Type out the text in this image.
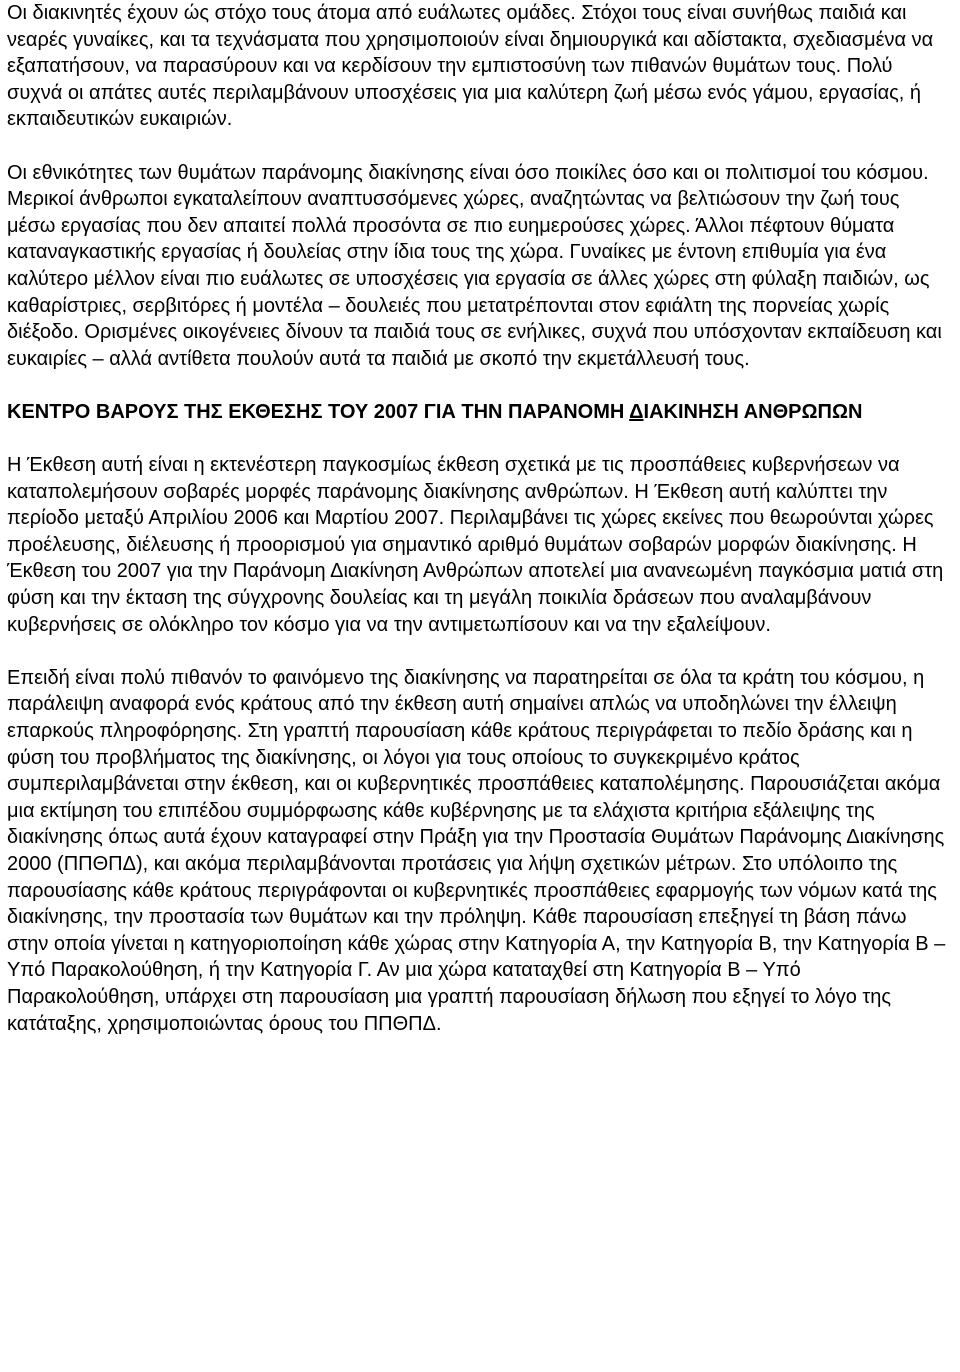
Οι διακινητές έχουν ώς στόχο τους άτομα από ευάλωτες ομάδες. Στόχοι τους είναι συνήθως παιδιά και νεαρές γυναίκες, και τα τεχνάσματα που χρησιμοποιούν είναι δημιουργικά και αδίστακτα, σχεδιασμένα να εξαπατήσουν, να παρασύρουν και να κερδίσουν την εμπιστοσύνη των πιθανών θυμάτων τους. Πολύ συχνά οι απάτες αυτές περιλαμβάνουν υποσχέσεις για μια καλύτερη ζωή μέσω ενός γάμου, εργασίας, ή εκπαιδευτικών ευκαιριών.

Οι εθνικότητες των θυμάτων παράνομης διακίνησης είναι όσο ποικίλες όσο και οι πολιτισμοί του κόσμου. Μερικοί άνθρωποι εγκαταλείπουν αναπτυσσόμενες χώρες, αναζητώντας να βελτιώσουν την ζωή τους μέσω εργασίας που δεν απαιτεί πολλά προσόντα σε πιο ευημερούσες χώρες. Άλλοι πέφτουν θύματα καταναγκαστικής εργασίας ή δουλείας στην ίδια τους της χώρα. Γυναίκες με έντονη επιθυμία για ένα καλύτερο μέλλον είναι πιο ευάλωτες σε υποσχέσεις για εργασία σε άλλες χώρες στη φύλαξη παιδιών, ως καθαρίστριες, σερβιτόρες ή μοντέλα – δουλειές που μετατρέπονται στον εφιάλτη της πορνείας χωρίς διέξοδο. Ορισμένες οικογένειες δίνουν τα παιδιά τους σε ενήλικες, συχνά που υπόσχονταν εκπαίδευση και ευκαιρίες – αλλά αντίθετα πουλούν αυτά τα παιδιά με σκοπό την εκμετάλλευσή τους.

ΚΕΝΤΡΟ ΒΑΡΟΥΣ ΤΗΣ ΕΚΘΕΣΗΣ ΤΟΥ 2007 ΓΙΑ ΤΗΝ ΠΑΡΑΝΟΜΗ ΔΙΑΚΙΝΗΣΗ ΑΝΘΡΩΠΩΝ

Η Έκθεση αυτή είναι η εκτενέστερη παγκοσμίως έκθεση σχετικά με τις προσπάθειες κυβερνήσεων να καταπολεμήσουν σοβαρές μορφές παράνομης διακίνησης ανθρώπων. Η Έκθεση αυτή καλύπτει την περίοδο μεταξύ Απριλίου 2006 και Μαρτίου 2007. Περιλαμβάνει τις χώρες εκείνες που θεωρούνται χώρες προέλευσης, διέλευσης ή προορισμού για σημαντικό αριθμό θυμάτων σοβαρών μορφών διακίνησης. Η Έκθεση του 2007 για την Παράνομη Διακίνηση Ανθρώπων αποτελεί μια ανανεωμένη παγκόσμια ματιά στη φύση και την έκταση της σύγχρονης δουλείας και τη μεγάλη ποικιλία δράσεων που αναλαμβάνουν κυβερνήσεις σε ολόκληρο τον κόσμο για να την αντιμετωπίσουν και να την εξαλείψουν.

Επειδή είναι πολύ πιθανόν το φαινόμενο της διακίνησης να παρατηρείται σε όλα τα κράτη του κόσμου, η παράλειψη αναφορά ενός κράτους από την έκθεση αυτή σημαίνει απλώς να υποδηλώνει την έλλειψη επαρκούς πληροφόρησης. Στη γραπτή παρουσίαση κάθε κράτους περιγράφεται το πεδίο δράσης και η φύση του προβλήματος της διακίνησης, οι λόγοι για τους οποίους το συγκεκριμένο κράτος συμπεριλαμβάνεται στην έκθεση, και οι κυβερνητικές προσπάθειες καταπολέμησης. Παρουσιάζεται ακόμα μια εκτίμηση του επιπέδου συμμόρφωσης κάθε κυβέρνησης με τα ελάχιστα κριτήρια εξάλειψης της διακίνησης όπως αυτά έχουν καταγραφεί στην Πράξη για την Προστασία Θυμάτων Παράνομης Διακίνησης 2000 (ΠΠΘΠΔ), και ακόμα περιλαμβάνονται προτάσεις για λήψη σχετικών μέτρων. Στο υπόλοιπο της παρουσίασης κάθε κράτους περιγράφονται οι κυβερνητικές προσπάθειες εφαρμογής των νόμων κατά της διακίνησης, την προστασία των θυμάτων και την πρόληψη. Κάθε παρουσίαση επεξηγεί τη βάση πάνω στην οποία γίνεται η κατηγοριοποίηση κάθε χώρας στην Κατηγορία Α, την Κατηγορία Β, την Κατηγορία Β – Υπό Παρακολούθηση, ή την Κατηγορία Γ. Αν μια χώρα καταταχθεί στη Κατηγορία Β – Υπό Παρακολούθηση, υπάρχει στη παρουσίαση μια γραπτή παρουσίαση δήλωση που εξηγεί το λόγο της κατάταξης, χρησιμοποιώντας όρους του ΠΠΘΠΔ.
